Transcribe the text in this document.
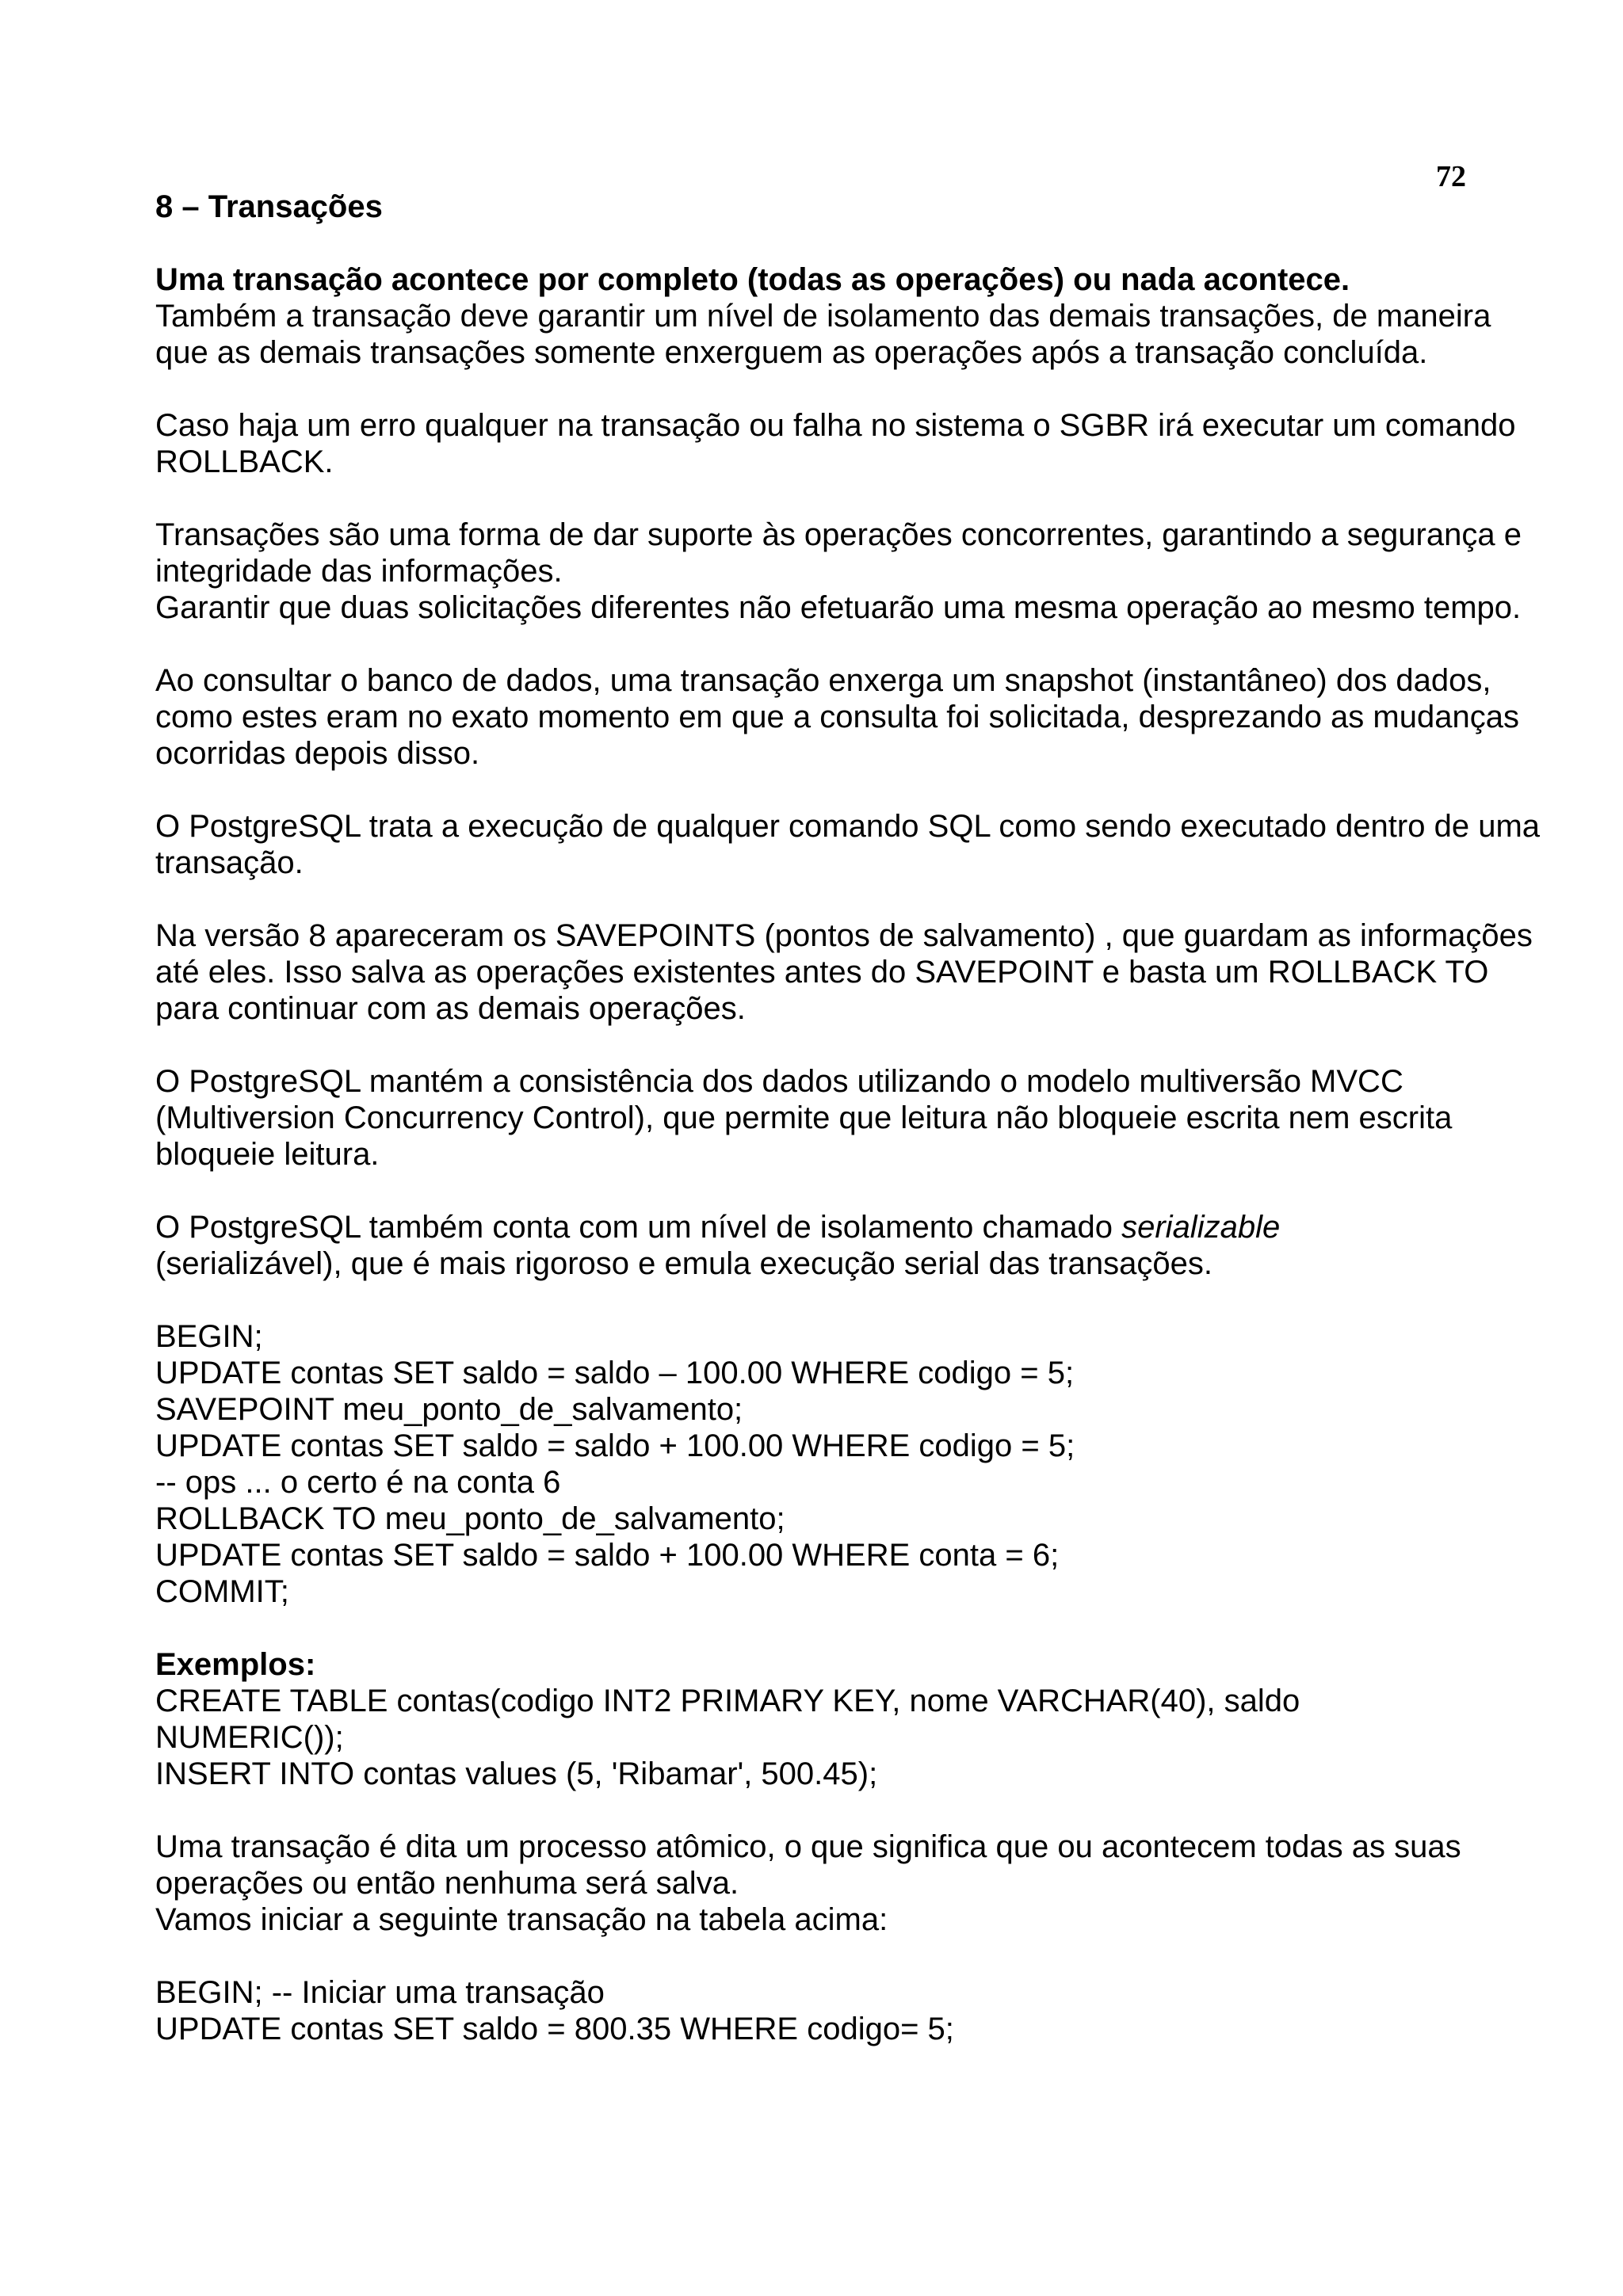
72

8 – Transações

Uma transação acontece por completo (todas as operações) ou nada acontece.
Também a transação deve garantir um nível de isolamento das demais transações, de maneira que as demais transações somente enxerguem as operações após a transação concluída.

Caso haja um erro qualquer na transação ou falha no sistema o SGBR irá executar um comando ROLLBACK.

Transações são uma forma de dar suporte às operações concorrentes, garantindo a segurança e integridade das informações.
Garantir que duas solicitações diferentes não efetuarão uma mesma operação ao mesmo tempo.

Ao consultar o banco de dados, uma transação enxerga um snapshot (instantâneo) dos dados, como estes eram no exato momento em que a consulta foi solicitada, desprezando as mudanças ocorridas depois disso.

O PostgreSQL trata a execução de qualquer comando SQL como sendo executado dentro de uma transação.

Na versão 8 apareceram os SAVEPOINTS (pontos de salvamento) , que guardam as informações até eles. Isso salva as operações existentes antes do SAVEPOINT e basta um ROLLBACK TO para continuar com as demais operações.

O PostgreSQL mantém a consistência dos dados utilizando o modelo multiversão MVCC (Multiversion Concurrency Control), que permite que leitura não bloqueie escrita nem escrita bloqueie leitura.

O PostgreSQL também conta com um nível de isolamento chamado serializable
(serializável), que é mais rigoroso e emula execução serial das transações.

BEGIN;
UPDATE contas SET saldo = saldo – 100.00 WHERE codigo = 5;
SAVEPOINT meu_ponto_de_salvamento;
UPDATE contas SET saldo = saldo + 100.00 WHERE codigo = 5;
-- ops ... o certo é na conta 6
ROLLBACK TO meu_ponto_de_salvamento;
UPDATE contas SET saldo = saldo + 100.00 WHERE conta = 6;
COMMIT;
Exemplos:
CREATE TABLE contas(codigo INT2 PRIMARY KEY, nome VARCHAR(40), saldo
NUMERIC());
INSERT INTO contas values (5, 'Ribamar', 500.45);

Uma transação é dita um processo atômico, o que significa que ou acontecem todas as suas operações ou então nenhuma será salva.
Vamos iniciar a seguinte transação na tabela acima:

BEGIN; -- Iniciar uma transação
UPDATE contas SET saldo = 800.35 WHERE codigo= 5;
